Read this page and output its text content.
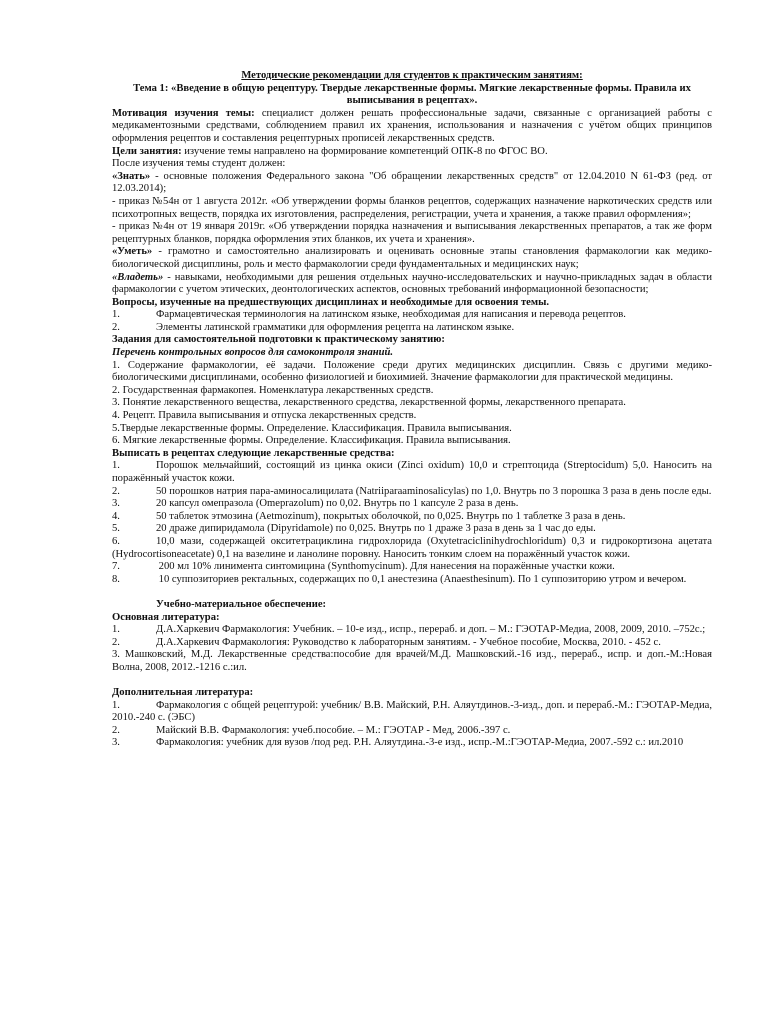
Методические рекомендации для студентов к практическим занятиям:

Тема 1: «Введение в общую рецептуру. Твердые лекарственные формы. Мягкие лекарственные формы. Правила их выписывания в рецептах».

Мотивация изучения темы: специалист должен решать профессиональные задачи, связанные с организацией работы с медикаментозными средствами, соблюдением правил их хранения, использования и назначения с учётом общих принципов оформления рецептов и составления рецептурных прописей лекарственных средств.

Цели занятия: изучение темы направлено на формирование компетенций ОПК-8 по ФГОС ВО.

После изучения темы студент должен:

«Знать» - основные положения Федерального закона "Об обращении лекарственных средств" от 12.04.2010 N 61-ФЗ (ред. от 12.03.2014);

- приказ №54н от 1 августа 2012г. «Об утверждении формы бланков рецептов, содержащих назначение наркотических средств или психотропных веществ, порядка их изготовления, распределения, регистрации, учета и хранения, а также правил оформления»;

- приказ №4н от 19 января 2019г. «Об утверждении порядка назначения и выписывания лекарственных препаратов, а так же форм рецептурных бланков, порядка оформления этих бланков, их учета и хранения».

«Уметь» - грамотно и самостоятельно анализировать и оценивать основные этапы становления фармакологии как медико-биологической дисциплины, роль и место фармакологии среди фундаментальных и медицинских наук;

«Владеть» - навыками, необходимыми для решения отдельных научно-исследовательских и научно-прикладных задач в области фармакологии с учетом этических, деонтологических аспектов, основных требований информационной безопасности;

Вопросы, изученные на предшествующих дисциплинах и необходимые для освоения темы.

1.	Фармацевтическая терминология на латинском языке, необходимая для написания и перевода рецептов.

2.	Элементы латинской грамматики для оформления рецепта на латинском языке.

Задания для самостоятельной подготовки к практическому занятию:

Перечень контрольных вопросов для самоконтроля знаний.

1. Содержание фармакологии, её задачи. Положение среди других медицинских дисциплин. Связь с другими медико-биологическими дисциплинами, особенно физиологией и биохимией. Значение фармакологии для практической медицины.

2. Государственная фармакопея. Номенклатура лекарственных средств.

3. Понятие лекарственного вещества, лекарственного средства, лекарственной формы, лекарственного препарата.

4. Рецепт. Правила выписывания и отпуска лекарственных средств.

5.Твердые лекарственные формы. Определение. Классификация. Правила выписывания.

6. Мягкие лекарственные формы. Определение. Классификация. Правила выписывания.

Выписать в рецептах следующие лекарственные средства:

1.	Порошок мельчайший, состоящий из цинка окиси (Zinci oxidum) 10,0 и стрептоцида (Streptocidum) 5,0. Наносить на поражённый участок кожи.

2.	50 порошков натрия пара-аминосалицилата (Natriiparaaminosalicylas) по 1,0. Внутрь по 3 порошка 3 раза в день после еды.

3.	20 капсул омепразола (Omeprazolum) по 0,02. Внутрь по 1 капсуле 2 раза в день.

4.	50 таблеток этмозина (Aetmozinum), покрытых оболочкой, по 0,025. Внутрь по 1 таблетке 3 раза в день.

5.	20 драже дипиридамола (Dipyridamole) по 0,025. Внутрь по 1 драже 3 раза в день за 1 час до еды.

6.	10,0 мази, содержащей окситетрациклина гидрохлорида (Oxytetraciclinihydrochloridum) 0,3 и гидрокортизона ацетата (Hydrocortisoneacetate) 0,1 на вазелине и ланолине поровну. Наносить тонким слоем на поражённый участок кожи.

7.	200 мл 10% линимента синтомицина (Synthomycinum). Для нанесения на поражённые участки кожи.

8.	10 суппозиториев ректальных, содержащих по 0,1 анестезина (Anaesthesinum). По 1 суппозиторию утром и вечером.

Учебно-материальное обеспечение:

Основная литература:

1.	Д.А.Харкевич Фармакология: Учебник. – 10-е изд., испр., перераб. и доп. – М.: ГЭОТАР-Медиа, 2008, 2009, 2010. –752с.;

2.	Д.А.Харкевич Фармакология: Руководство к лабораторным занятиям. - Учебное пособие, Москва, 2010. - 452 с.

3. Машковский, М.Д. Лекарственные средства:пособие для врачей/М.Д. Машковский.-16 изд., перераб., испр. и доп.-М.:Новая Волна, 2008, 2012.-1216 с.:ил.

Дополнительная литература:

1.	Фармакология с общей рецептурой: учебник/ В.В. Майский, Р.Н. Аляутдинов.-3-изд., доп. и перераб.-М.: ГЭОТАР-Медиа, 2010.-240 с. (ЭБС)

2.	Майский В.В. Фармакология: учеб.пособие. – М.: ГЭОТАР - Мед, 2006.-397 с.

3.	Фармакология: учебник для вузов /под ред. Р.Н. Аляутдина.-3-е изд., испр.-М.:ГЭОТАР-Медиа, 2007.-592 с.: ил.2010
